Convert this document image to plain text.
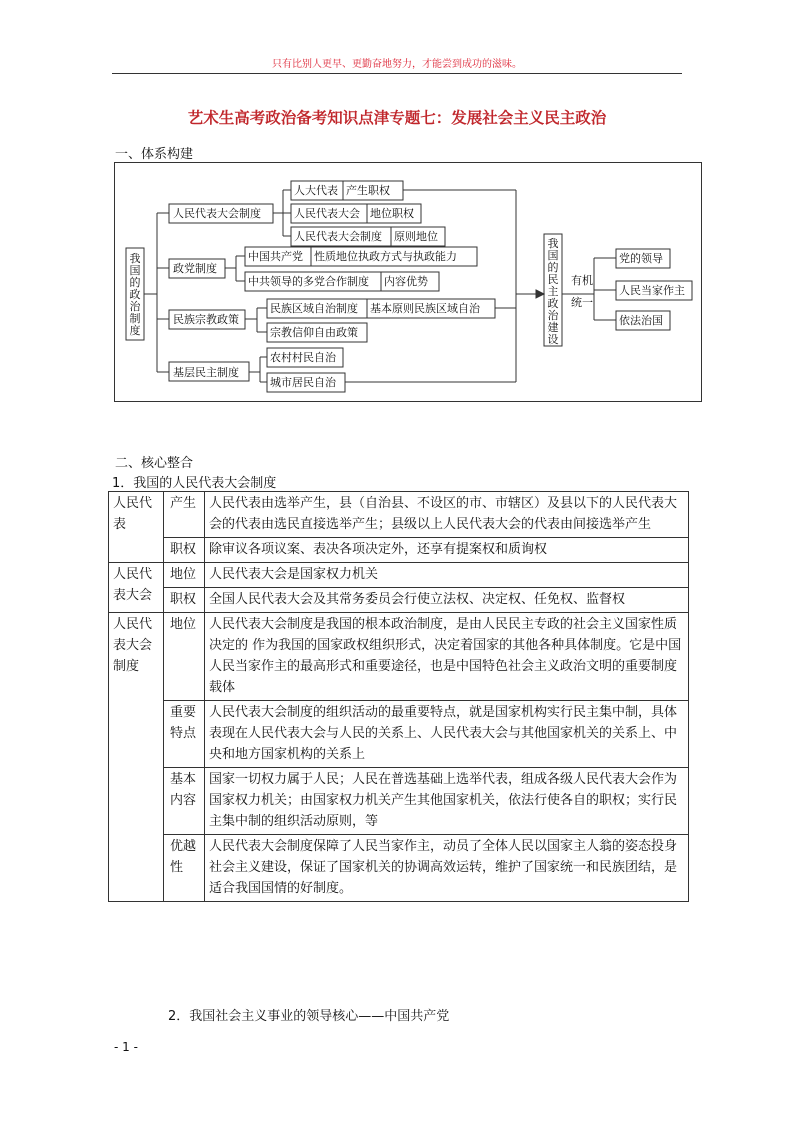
只有比别人更早、更勤奋地努力，才能尝到成功的滋味。
艺术生高考政治备考知识点津专题七：发展社会主义民主政治
一、体系构建
我
国
的
政
治
制
度
人民代表大会制度
政党制度
民族宗教政策
基层民主制度
人大代表 产生职权
人民代表大会 地位职权
人民代表大会制度 原则地位
中国共产党 性质地位执政方式与执政能力
中共领导的多党合作制度 内容优势
民族区域自治制度 基本原则民族区域自治
宗教信仰自由政策
农村村民自治
城市居民自治
我
国
的
民
主
政
治
建
设
有机
统一
党的领导
人民当家作主
依法治国
二、核心整合
1．我国的人民代表大会制度
人民代表	产生	人民代表由选举产生，县（自治县、不设区的市、市辖区）及县以下的人民代表大会的代表由选民直接选举产生；县级以上人民代表大会的代表由间接选举产生
	职权	除审议各项议案、表决各项决定外，还享有提案权和质询权
人民代表大会	地位	人民代表大会是国家权力机关
	职权	全国人民代表大会及其常务委员会行使立法权、决定权、任免权、监督权
人民代表大会制度	地位	人民代表大会制度是我国的根本政治制度，是由人民民主专政的社会主义国家性质决定的 作为我国的国家政权组织形式，决定着国家的其他各种具体制度。它是中国人民当家作主的最高形式和重要途径，也是中国特色社会主义政治文明的重要制度载体
	重要特点	人民代表大会制度的组织活动的最重要特点，就是国家机构实行民主集中制，具体表现在人民代表大会与人民的关系上、人民代表大会与其他国家机关的关系上、中央和地方国家机构的关系上
	基本内容	国家一切权力属于人民；人民在普选基础上选举代表，组成各级人民代表大会作为国家权力机关；由国家权力机关产生其他国家机关，依法行使各自的职权；实行民主集中制的组织活动原则，等
	优越性	人民代表大会制度保障了人民当家作主，动员了全体人民以国家主人翁的姿态投身社会主义建设，保证了国家机关的协调高效运转，维护了国家统一和民族团结，是适合我国国情的好制度。
2．我国社会主义事业的领导核心——中国共产党
- 1 -
